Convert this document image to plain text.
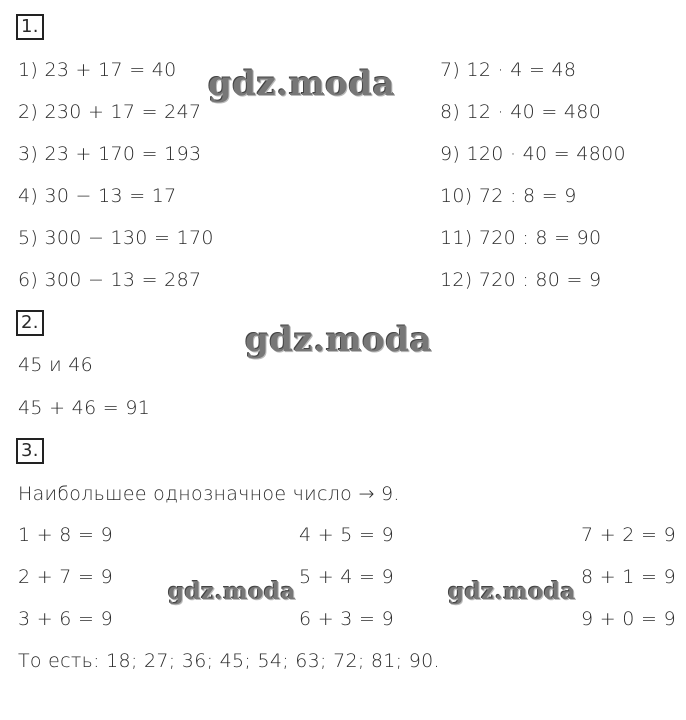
1.
1) 23 + 17 = 40
2) 230 + 17 = 247
3) 23 + 170 = 193
4) 30 − 13 = 17
5) 300 − 130 = 170
6) 300 − 13 = 287
7) 12 · 4 = 48
8) 12 · 40 = 480
9) 120 · 40 = 4800
10) 72 : 8 = 9
11) 720 : 8 = 90
12) 720 : 80 = 9
gdz.moda
2.	gdz.moda
45 и 46
45 + 46 = 91
3.
Наибольшее однозначное число → 9.
1 + 8 = 9
2 + 7 = 9
3 + 6 = 9
4 + 5 = 9
5 + 4 = 9
6 + 3 = 9
7 + 2 = 9
8 + 1 = 9
9 + 0 = 9
gdz.moda	gdz.moda
То есть: 18; 27; 36; 45; 54; 63; 72; 81; 90.
